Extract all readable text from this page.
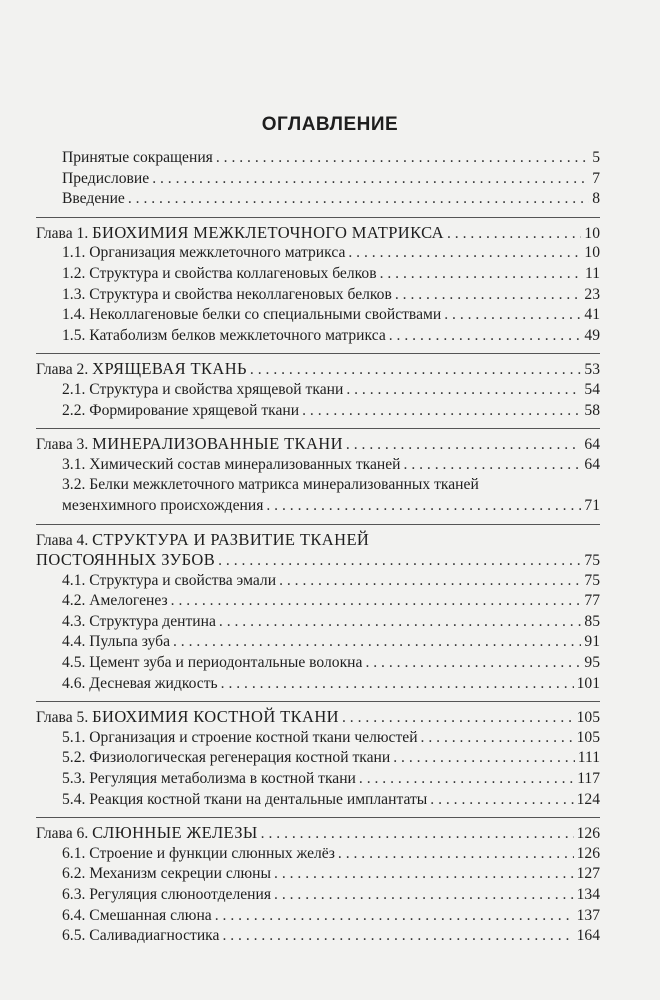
ОГЛАВЛЕНИЕ
Принятые сокращения . . .	5
Предисловие . . .	7
Введение . . .	8
Глава 1. БИОХИМИЯ МЕЖКЛЕТОЧНОГО МАТРИКСА . . .	10
1.1. Организация межклеточного матрикса . . .	10
1.2. Структура и свойства коллагеновых белков . . .	11
1.3. Структура и свойства неколлагеновых белков . . .	23
1.4. Неколлагеновые белки со специальными свойствами . . .	41
1.5. Катаболизм белков межклеточного матрикса . . .	49
Глава 2. ХРЯЩЕВАЯ ТКАНЬ . . .	53
2.1. Структура и свойства хрящевой ткани . . .	54
2.2. Формирование хрящевой ткани . . .	58
Глава 3. МИНЕРАЛИЗОВАННЫЕ ТКАНИ . . .	64
3.1. Химический состав минерализованных тканей . . .	64
3.2. Белки межклеточного матрикса минерализованных тканей
мезенхимного происхождения . . .	71
Глава 4. СТРУКТУРА И РАЗВИТИЕ ТКАНЕЙ
ПОСТОЯННЫХ ЗУБОВ . . .	75
4.1. Структура и свойства эмали . . .	75
4.2. Амелогенез . . .	77
4.3. Структура дентина . . .	85
4.4. Пульпа зуба . . .	91
4.5. Цемент зуба и периодонтальные волокна . . .	95
4.6. Десневая жидкость . . .	101
Глава 5. БИОХИМИЯ КОСТНОЙ ТКАНИ . . .	105
5.1. Организация и строение костной ткани челюстей . . .	105
5.2. Физиологическая регенерация костной ткани . . .	111
5.3. Регуляция метаболизма в костной ткани . . .	117
5.4. Реакция костной ткани на дентальные имплантаты . . .	124
Глава 6. СЛЮННЫЕ ЖЕЛЕЗЫ . . .	126
6.1. Строение и функции слюнных желёз . . .	126
6.2. Механизм секреции слюны . . .	127
6.3. Регуляция слюноотделения . . .	134
6.4. Смешанная слюна . . .	137
6.5. Саливадиагностика . . .	164
